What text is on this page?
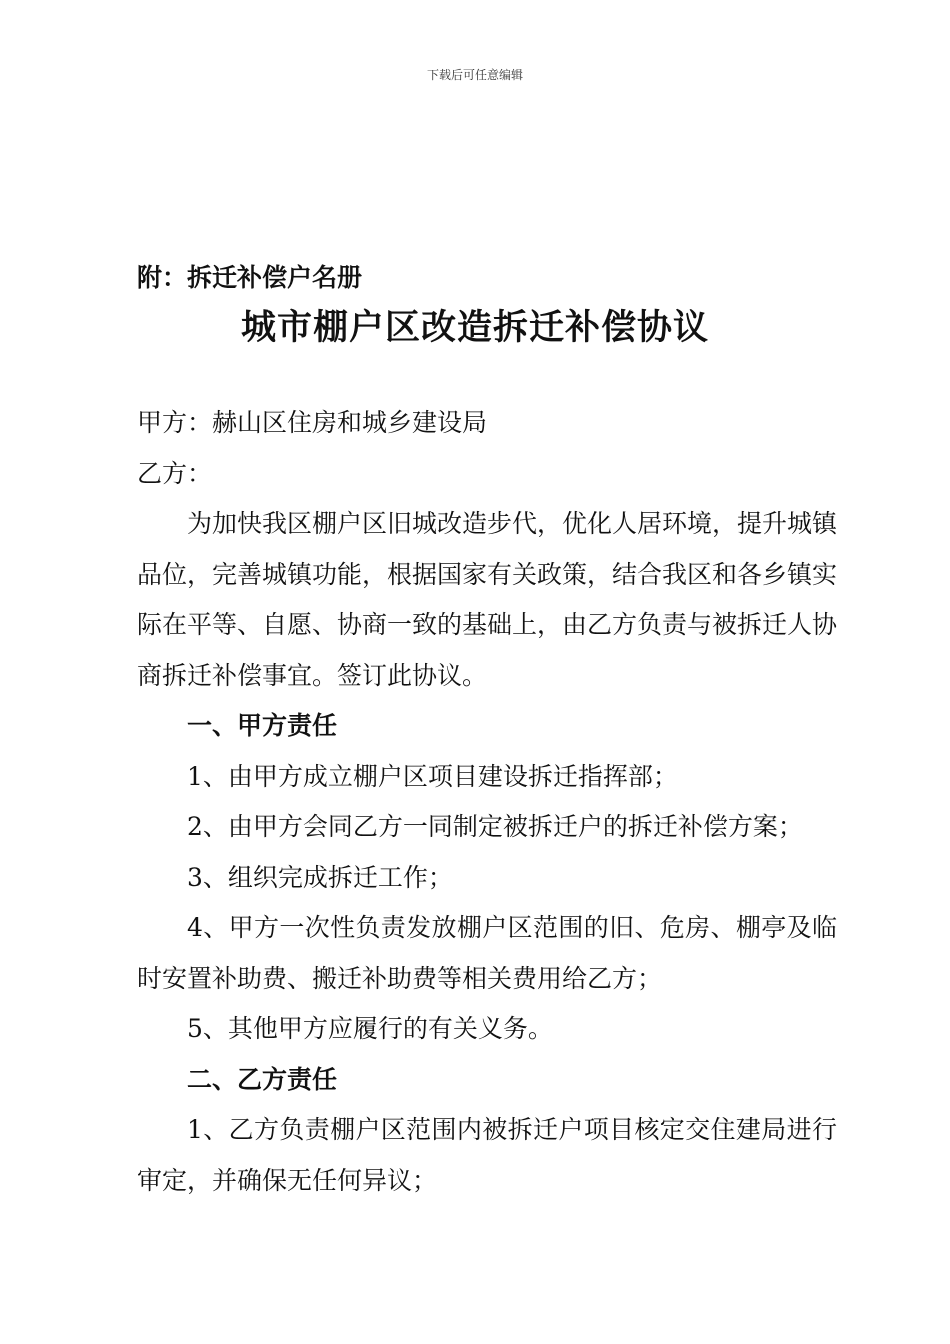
下载后可任意编辑
附：拆迁补偿户名册
城市棚户区改造拆迁补偿协议

甲方：赫山区住房和城乡建设局

乙方：

为加快我区棚户区旧城改造步代，优化人居环境，提升城镇品位，完善城镇功能，根据国家有关政策，结合我区和各乡镇实际在平等、自愿、协商一致的基础上，由乙方负责与被拆迁人协商拆迁补偿事宜。签订此协议。

一、甲方责任

1、由甲方成立棚户区项目建设拆迁指挥部；

2、由甲方会同乙方一同制定被拆迁户的拆迁补偿方案；

3、组织完成拆迁工作；

4、甲方一次性负责发放棚户区范围的旧、危房、棚亭及临时安置补助费、搬迁补助费等相关费用给乙方；

5、其他甲方应履行的有关义务。

二、乙方责任

1、乙方负责棚户区范围内被拆迁户项目核定交住建局进行审定，并确保无任何异议；
